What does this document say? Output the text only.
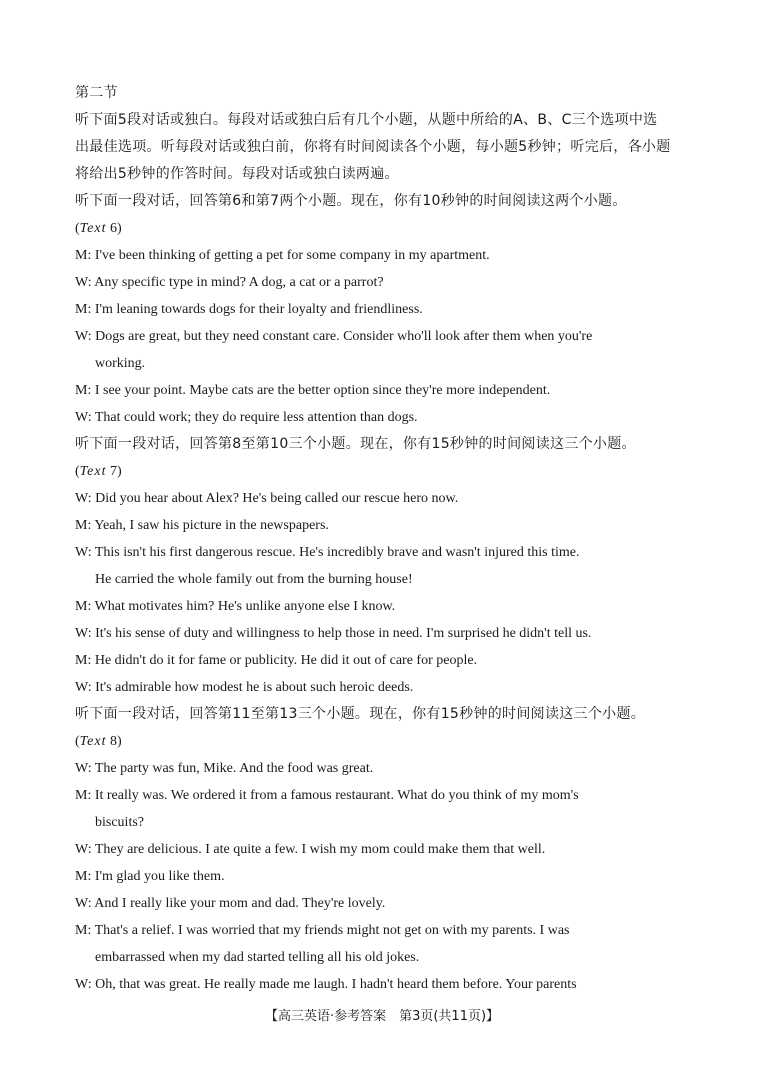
第二节
听下面5段对话或独白。每段对话或独白后有几个小题，从题中所给的A、B、C三个选项中选
出最佳选项。听每段对话或独白前，你将有时间阅读各个小题，每小题5秒钟；听完后，各小题
将给出5秒钟的作答时间。每段对话或独白读两遍。
听下面一段对话，回答第6和第7两个小题。现在，你有10秒钟的时间阅读这两个小题。
(Text 6)
M: I've been thinking of getting a pet for some company in my apartment.
W: Any specific type in mind? A dog, a cat or a parrot?
M: I'm leaning towards dogs for their loyalty and friendliness.
W: Dogs are great, but they need constant care. Consider who'll look after them when you're
working.
M: I see your point. Maybe cats are the better option since they're more independent.
W: That could work; they do require less attention than dogs.
听下面一段对话，回答第8至第10三个小题。现在，你有15秒钟的时间阅读这三个小题。
(Text 7)
W: Did you hear about Alex? He's being called our rescue hero now.
M: Yeah, I saw his picture in the newspapers.
W: This isn't his first dangerous rescue. He's incredibly brave and wasn't injured this time.
He carried the whole family out from the burning house!
M: What motivates him? He's unlike anyone else I know.
W: It's his sense of duty and willingness to help those in need. I'm surprised he didn't tell us.
M: He didn't do it for fame or publicity. He did it out of care for people.
W: It's admirable how modest he is about such heroic deeds.
听下面一段对话，回答第11至第13三个小题。现在，你有15秒钟的时间阅读这三个小题。
(Text 8)
W: The party was fun, Mike. And the food was great.
M: It really was. We ordered it from a famous restaurant. What do you think of my mom's
biscuits?
W: They are delicious. I ate quite a few. I wish my mom could make them that well.
M: I'm glad you like them.
W: And I really like your mom and dad. They're lovely.
M: That's a relief. I was worried that my friends might not get on with my parents. I was
embarrassed when my dad started telling all his old jokes.
W: Oh, that was great. He really made me laugh. I hadn't heard them before. Your parents
【高三英语·参考答案　第3页(共11页)】
